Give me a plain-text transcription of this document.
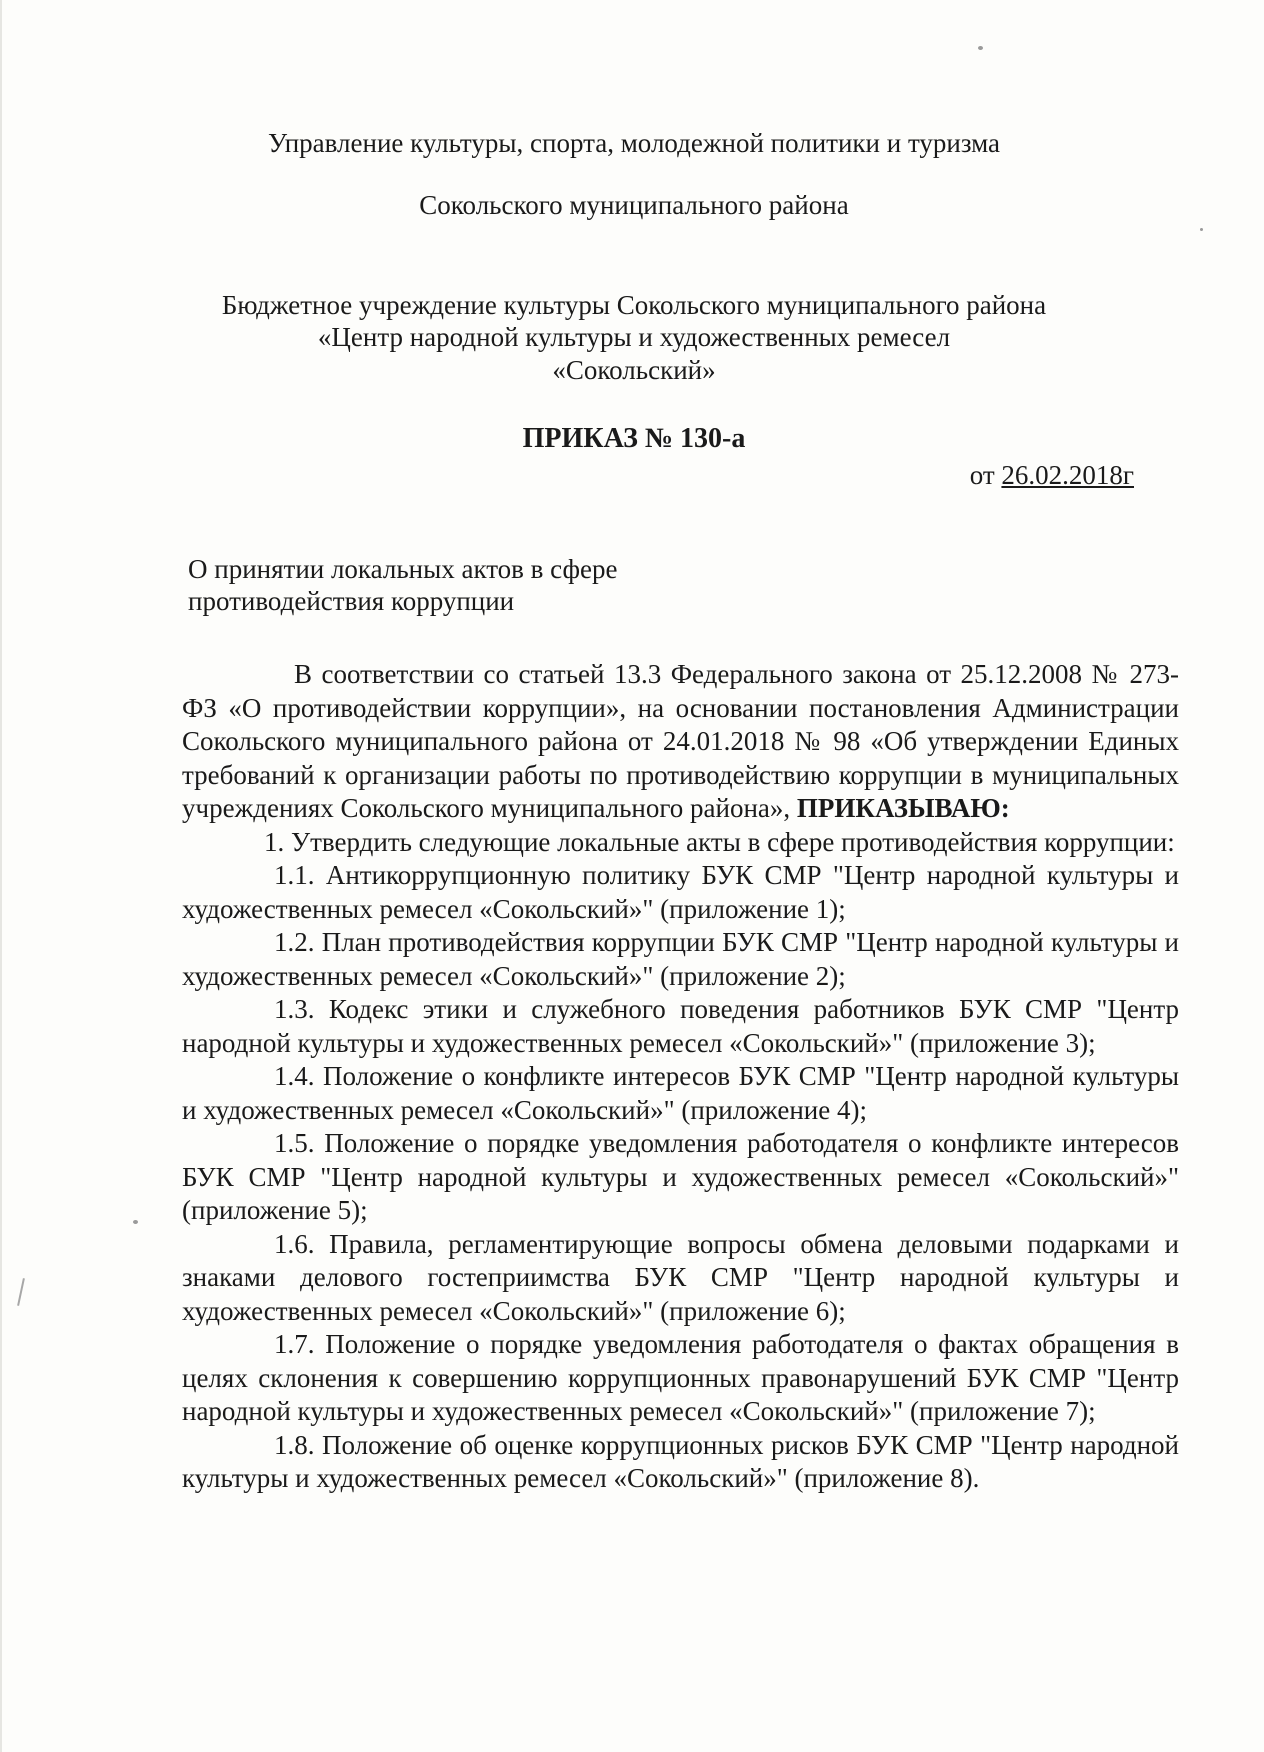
Управление культуры, спорта, молодежной политики и туризма
Сокольского муниципального района
Бюджетное учреждение культуры Сокольского муниципального района
«Центр народной культуры и художественных ремесел
«Сокольский»
ПРИКАЗ № 130-а
от 26.02.2018г
О принятии локальных актов в сфере
противодействия коррупции

В соответствии со статьей 13.3 Федерального закона от 25.12.2008 № 273-ФЗ «О противодействии коррупции», на основании постановления Администрации Сокольского муниципального района от 24.01.2018 № 98 «Об утверждении Единых требований к организации работы по противодействию коррупции в муниципальных учреждениях Сокольского муниципального района», ПРИКАЗЫВАЮ:

1. Утвердить следующие локальные акты в сфере противодействия коррупции:

1.1. Антикоррупционную политику БУК СМР "Центр народной культуры и художественных ремесел «Сокольский»" (приложение 1);

1.2. План противодействия коррупции БУК СМР "Центр народной культуры и художественных ремесел «Сокольский»" (приложение 2);

1.3. Кодекс этики и служебного поведения работников БУК СМР "Центр народной культуры и художественных ремесел «Сокольский»" (приложение 3);

1.4. Положение о конфликте интересов БУК СМР "Центр народной культуры и художественных ремесел «Сокольский»" (приложение 4);

1.5. Положение о порядке уведомления работодателя о конфликте интересов БУК СМР "Центр народной культуры и художественных ремесел «Сокольский»" (приложение 5);

1.6. Правила, регламентирующие вопросы обмена деловыми подарками и знаками делового гостеприимства БУК СМР "Центр народной культуры и художественных ремесел «Сокольский»" (приложение 6);

1.7. Положение о порядке уведомления работодателя о фактах обращения в целях склонения к совершению коррупционных правонарушений БУК СМР "Центр народной культуры и художественных ремесел «Сокольский»" (приложение 7);

1.8. Положение об оценке коррупционных рисков БУК СМР "Центр народной культуры и художественных ремесел «Сокольский»" (приложение 8).
